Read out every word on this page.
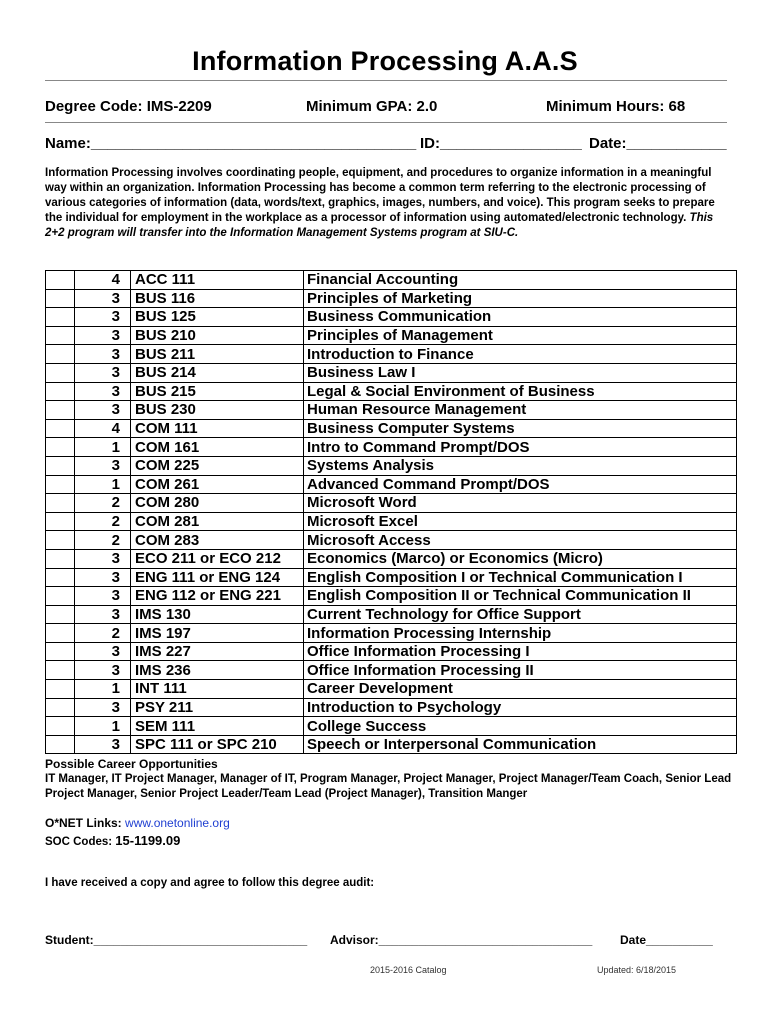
Information Processing A.A.S
Degree Code: IMS-2209	Minimum GPA: 2.0	Minimum Hours: 68
Name:_______________________________________ ID:_________________ Date:____________
Information Processing involves coordinating people, equipment, and procedures to organize information in a meaningful way within an organization. Information Processing has become a common term referring to the electronic processing of various categories of information (data, words/text, graphics, images, numbers, and voice). This program seeks to prepare the individual for employment in the workplace as a processor of information using automated/electronic technology. This 2+2 program will transfer into the Information Management Systems program at SIU-C.
	4	ACC 111	Financial Accounting
	3	BUS 116	Principles of Marketing
	3	BUS 125	Business Communication
	3	BUS 210	Principles of Management
	3	BUS 211	Introduction to Finance
	3	BUS 214	Business Law I
	3	BUS 215	Legal & Social Environment of Business
	3	BUS 230	Human Resource Management
	4	COM 111	Business Computer Systems
	1	COM 161	Intro to Command Prompt/DOS
	3	COM 225	Systems Analysis
	1	COM 261	Advanced Command Prompt/DOS
	2	COM 280	Microsoft Word
	2	COM 281	Microsoft Excel
	2	COM 283	Microsoft Access
	3	ECO 211 or ECO 212	Economics (Marco) or Economics (Micro)
	3	ENG 111 or ENG 124	English Composition I or Technical Communication I
	3	ENG 112 or ENG 221	English Composition II or Technical Communication II
	3	IMS 130	Current Technology for Office Support
	2	IMS 197	Information Processing Internship
	3	IMS 227	Office Information Processing I
	3	IMS 236	Office Information Processing II
	1	INT 111	Career Development
	3	PSY 211	Introduction to Psychology
	1	SEM 111	College Success
	3	SPC 111 or SPC 210	Speech or Interpersonal Communication
Possible Career Opportunities
IT Manager, IT Project Manager, Manager of IT, Program Manager, Project Manager, Project Manager/Team Coach, Senior Lead Project Manager, Senior Project Leader/Team Lead (Project Manager), Transition Manger
O*NET Links: www.onetonline.org
SOC Codes: 15-1199.09
I have received a copy and agree to follow this degree audit:
Student:________________________________ Advisor:________________________________ Date__________
2015-2016 Catalog	Updated: 6/18/2015
